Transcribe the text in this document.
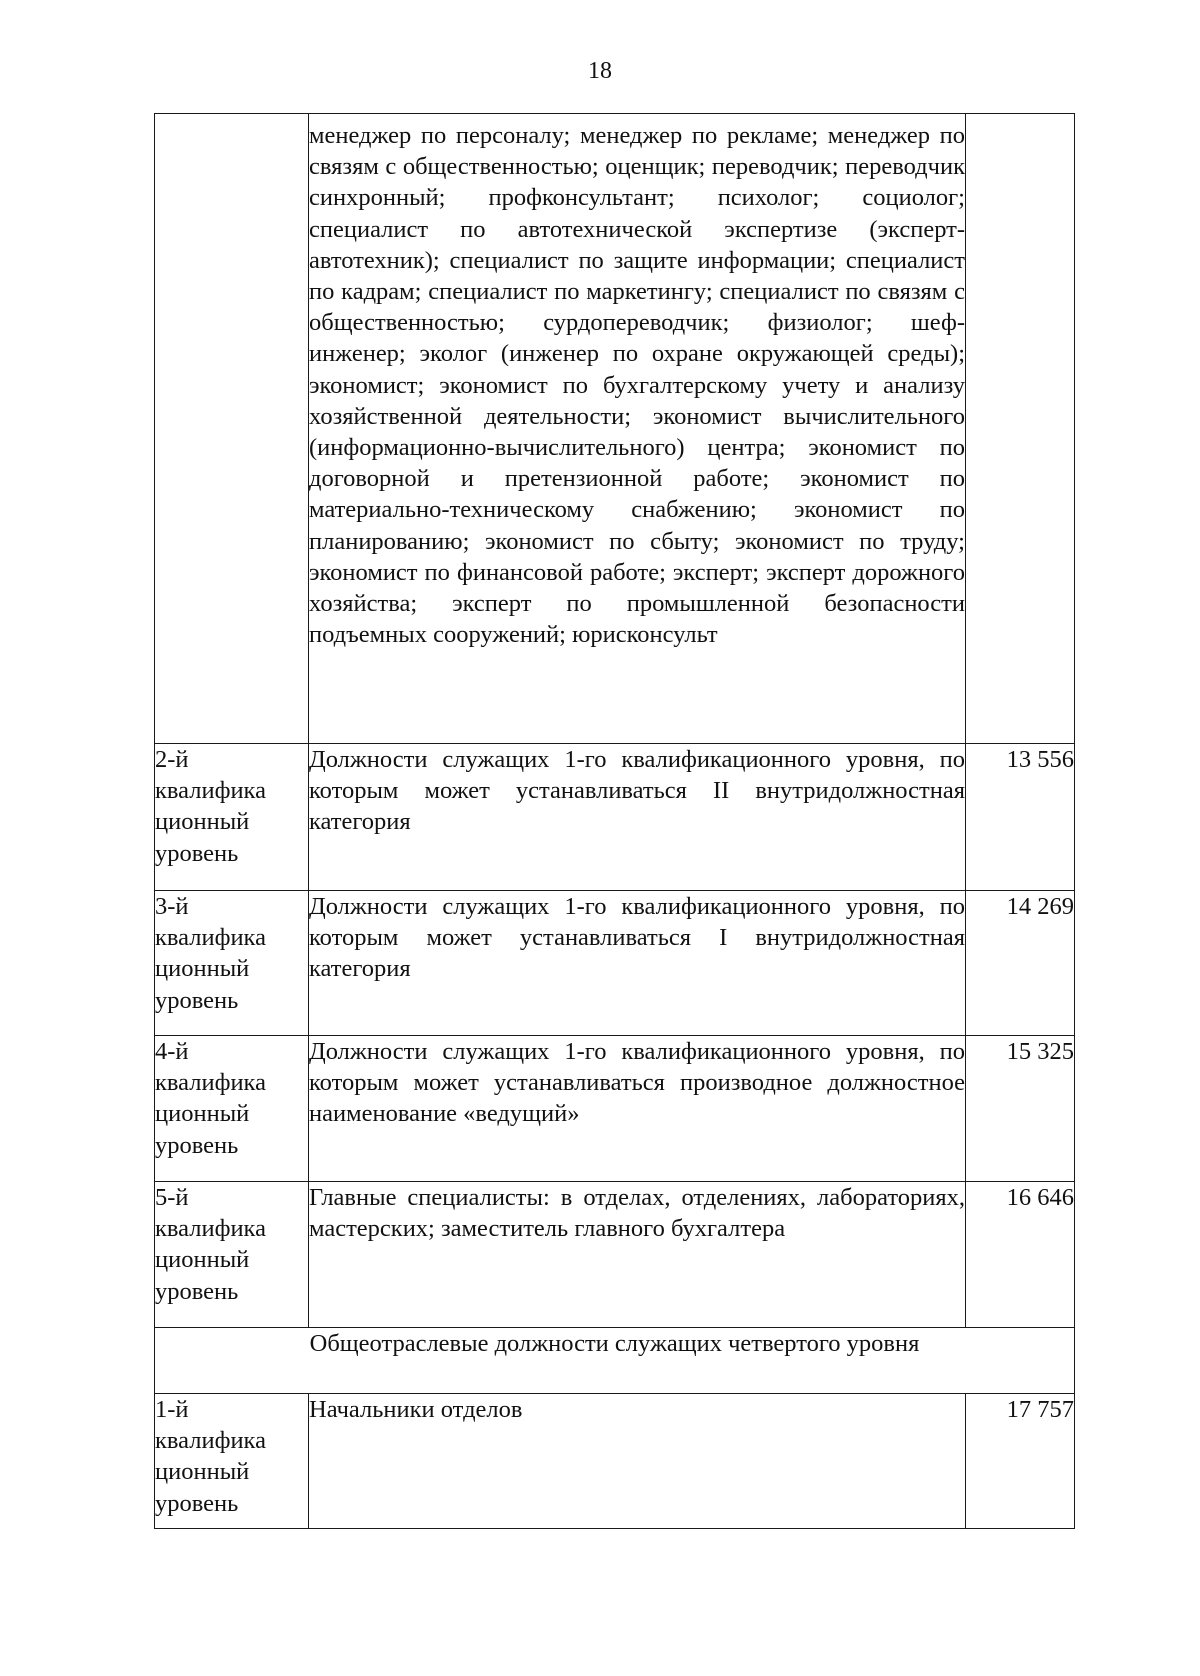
18
	менеджер по персоналу; менеджер по рекламе; менеджер по связям с общественностью; оценщик; переводчик; переводчик синхронный; профконсультант; психолог; социолог; специалист по автотехнической экспертизе (эксперт-автотехник); специалист по защите информации; специалист по кадрам; специалист по маркетингу; специалист по связям с общественностью; сурдопереводчик; физиолог; шеф-инженер; эколог (инженер по охране окружающей среды); экономист; экономист по бухгалтерскому учету и анализу хозяйственной деятельности; экономист вычислительного (информационно-вычислительного) центра; экономист по договорной и претензионной работе; экономист по материально-техническому снабжению; экономист по планированию; экономист по сбыту; экономист по труду; экономист по финансовой работе; эксперт; эксперт дорожного хозяйства; эксперт по промышленной безопасности подъемных сооружений; юрисконсульт	

2-й
квалифика
ционный
уровень	Должности служащих 1-го квалификационного уровня, по которым может устанавливаться II внутридолжностная категория	13 556

3-й
квалифика
ционный
уровень	Должности служащих 1-го квалификационного уровня, по которым может устанавливаться I внутридолжностная категория	14 269

4-й
квалифика
ционный
уровень	Должности служащих 1-го квалификационного уровня, по которым может устанавливаться производное должностное наименование «ведущий»	15 325

5-й
квалифика
ционный
уровень	Главные специалисты: в отделах, отделениях, лабораториях, мастерских; заместитель главного бухгалтера	16 646
Общеотраслевые должности служащих четвертого уровня		

1-й
квалифика
ционный
уровень	Начальники отделов	17 757
